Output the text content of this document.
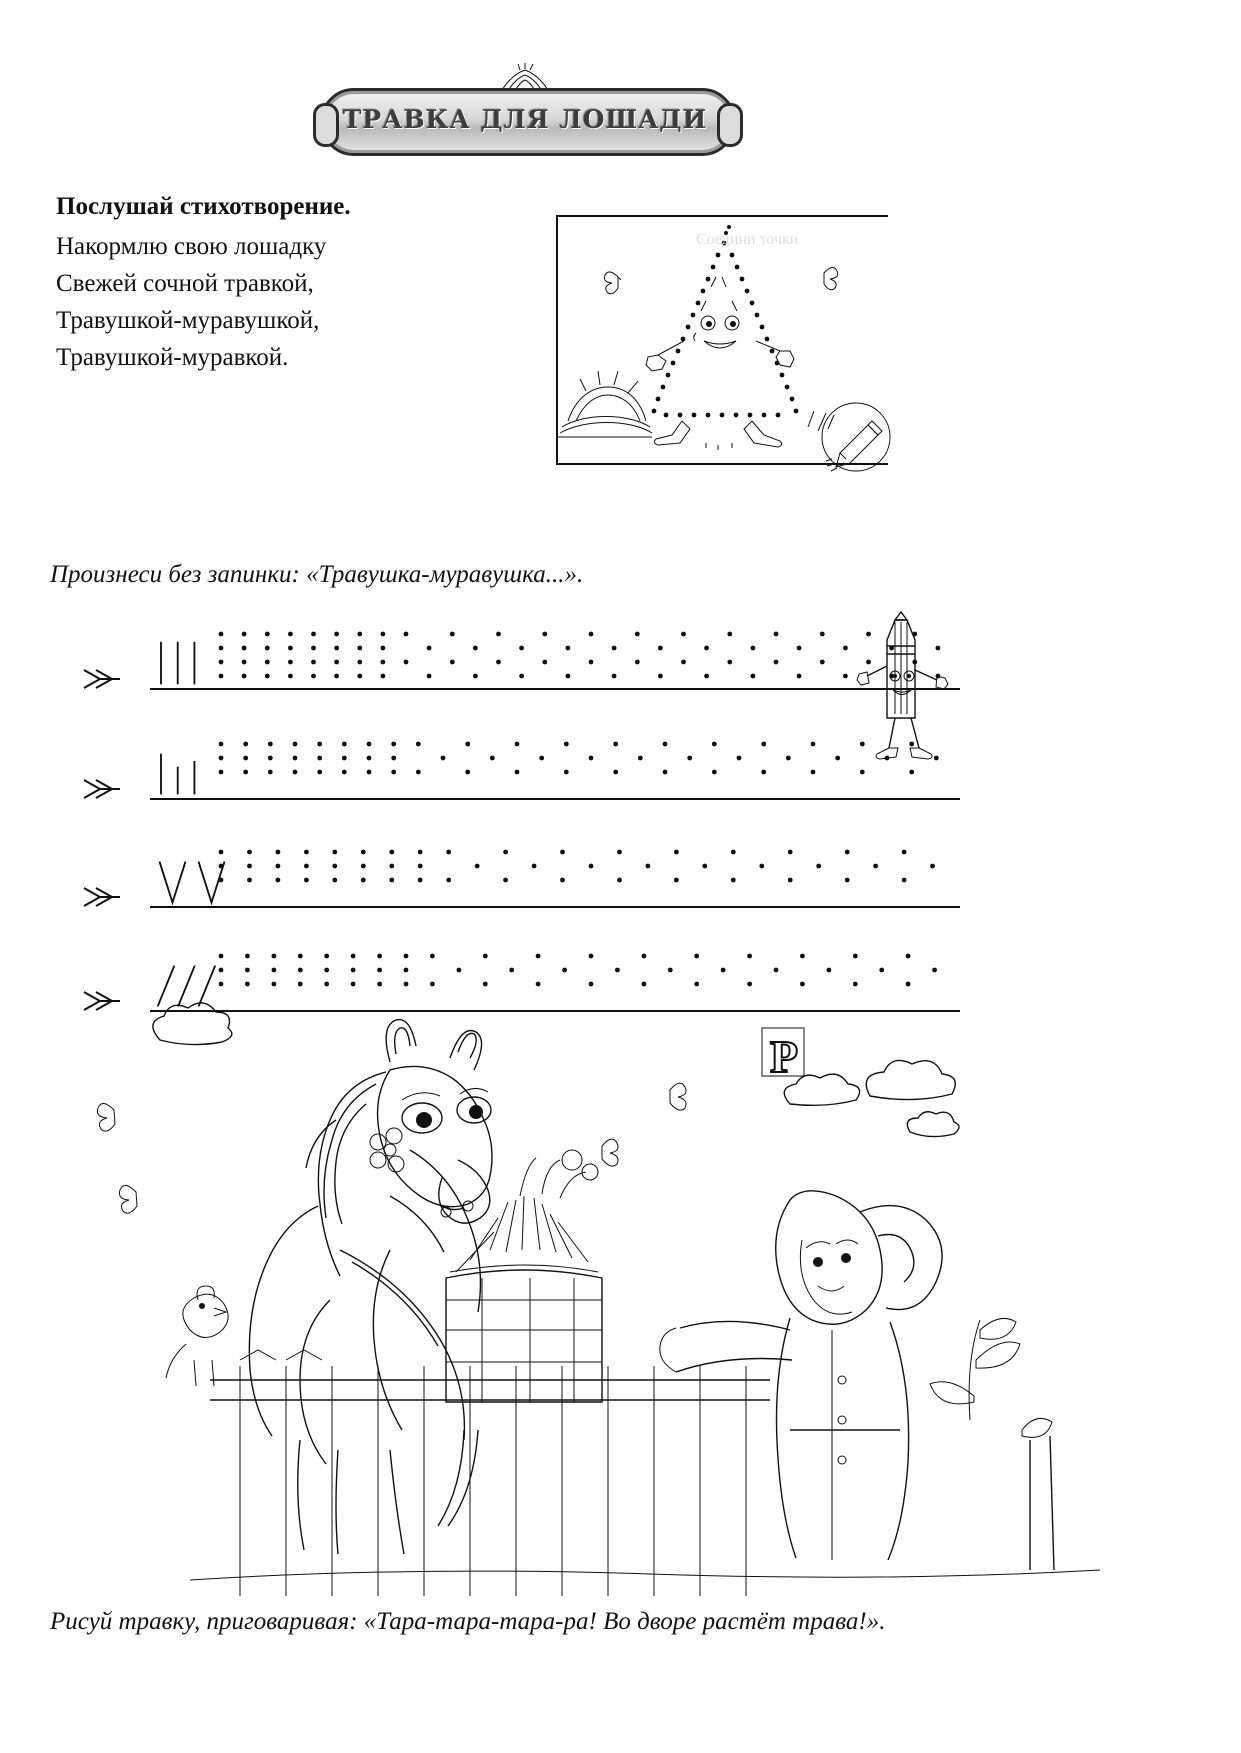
ТРАВКА ДЛЯ ЛОШАДИ
Послушай стихотворение.
Накормлю свою лошадку
Свежей сочной травкой,
Травушкой-муравушкой,
Травушкой-муравкой.
Соедини точки
Произнеси без запинки: «Травушка-муравушка...».
Р
Рисуй травку, приговаривая: «Тара-тара-тара-ра! Во дворе растёт трава!».
